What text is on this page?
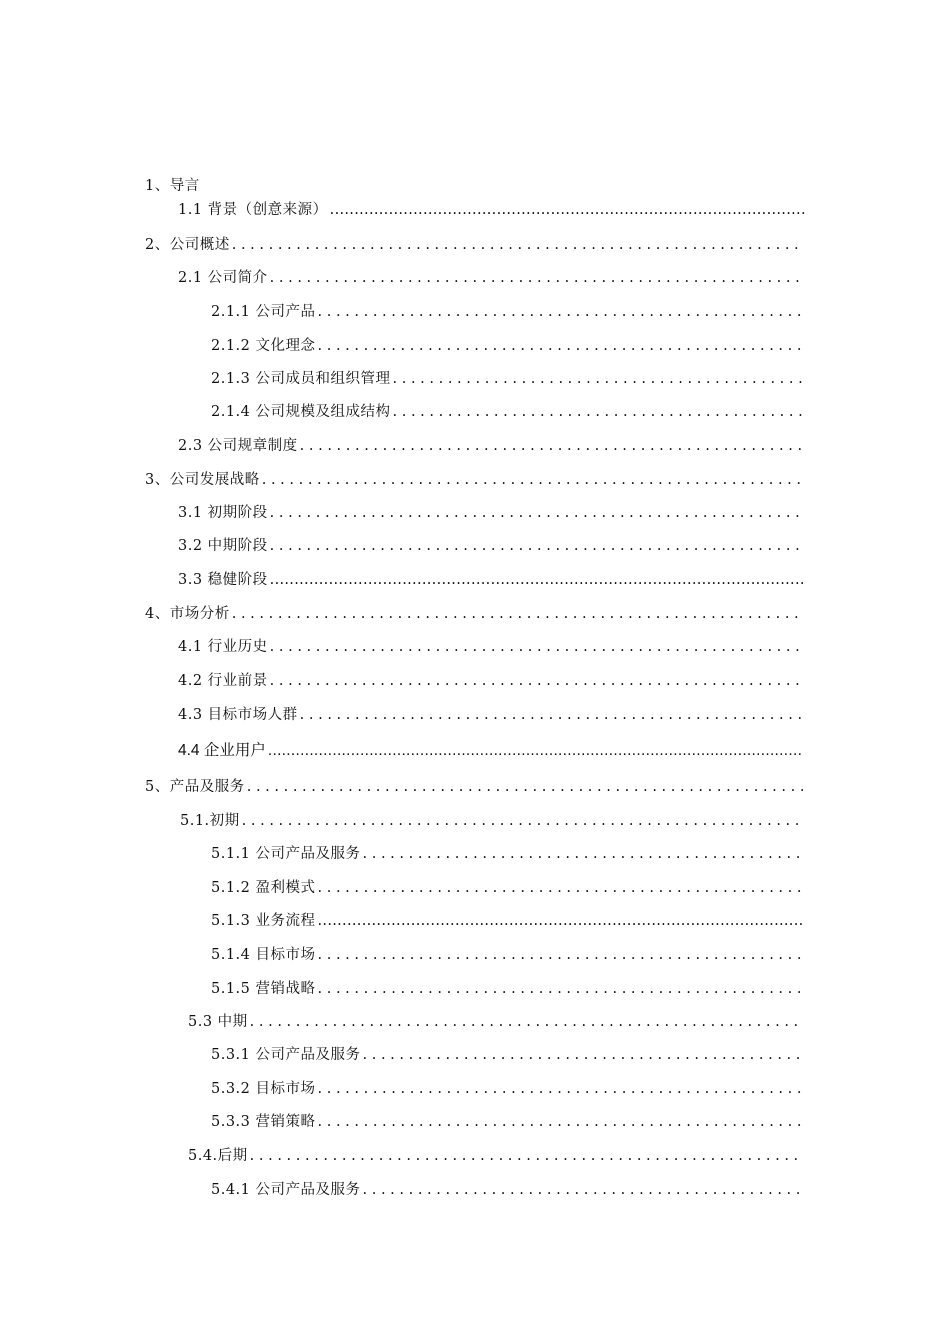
1、导言
1.1 背景（创意来源）
.....
2、公司概述
. . .
2.1 公司简介
. . .
2.1.1 公司产品
. . .
2.1.2 文化理念
. . .
2.1.3 公司成员和组织管理
. . .
2.1.4 公司规模及组成结构
. . .
2.3 公司规章制度
. . .
3、公司发展战略
. . .
3.1 初期阶段
. . .
3.2 中期阶段
. . .
3.3 稳健阶段
.....
4、市场分析
. . .
4.1 行业历史
. . .
4.2 行业前景
. . .
4.3 目标市场人群
. . .
4.4 企业用户
.....
5、产品及服务
. . .
5.1.初期
. . .
5.1.1 公司产品及服务
. . .
5.1.2 盈利模式
. . .
5.1.3 业务流程
.....
5.1.4 目标市场
. . .
5.1.5 营销战略
. . .
5.3 中期
. . .
5.3.1 公司产品及服务
. . .
5.3.2 目标市场
. . .
5.3.3 营销策略
. . .
5.4.后期
. . .
5.4.1 公司产品及服务
. . .
